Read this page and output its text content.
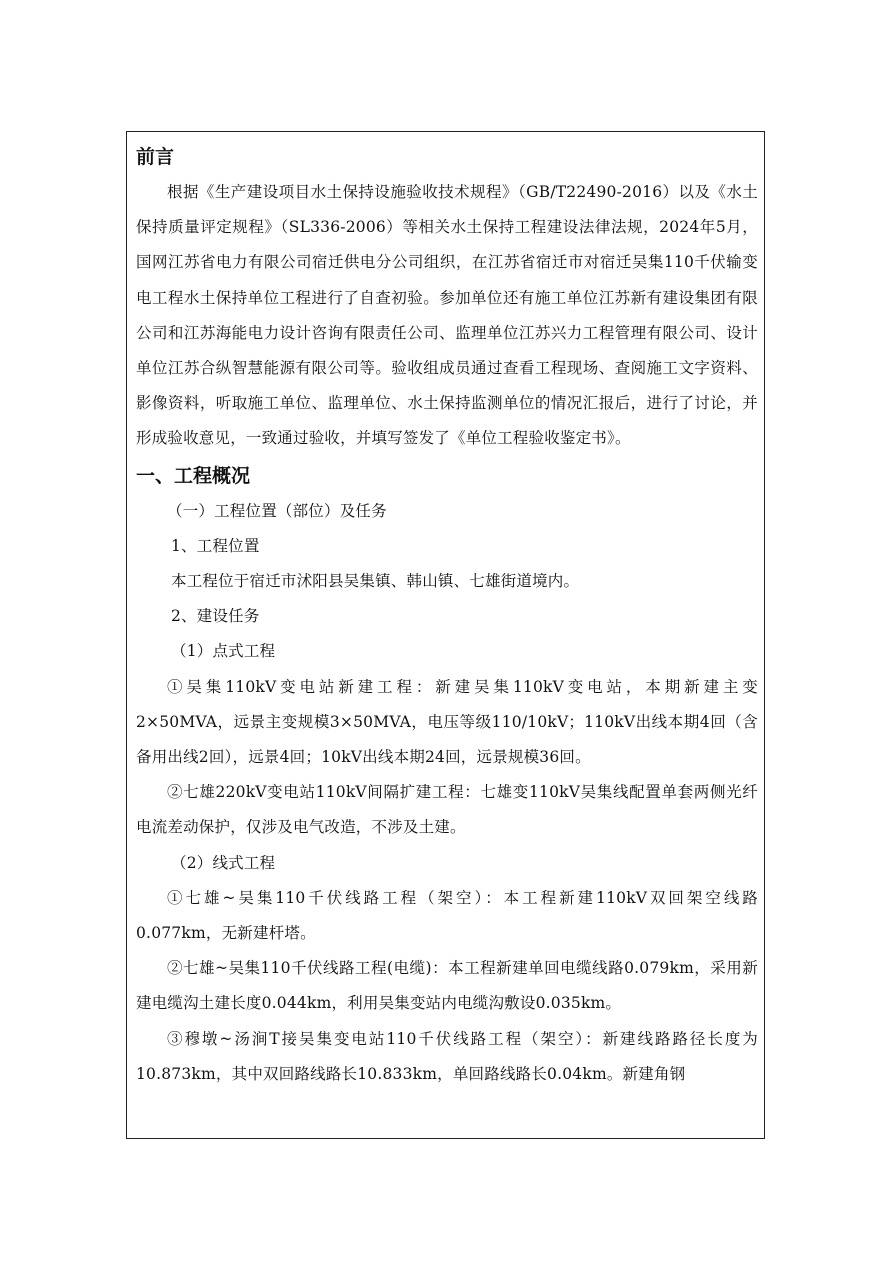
前言
根据《生产建设项目水土保持设施验收技术规程》（GB/T22490-2016）以及《水土保持质量评定规程》（SL336-2006）等相关水土保持工程建设法律法规，2024年5月，国网江苏省电力有限公司宿迁供电分公司组织，在江苏省宿迁市对宿迁吴集110千伏输变电工程水土保持单位工程进行了自查初验。参加单位还有施工单位江苏新有建设集团有限公司和江苏海能电力设计咨询有限责任公司、监理单位江苏兴力工程管理有限公司、设计单位江苏合纵智慧能源有限公司等。验收组成员通过查看工程现场、查阅施工文字资料、影像资料，听取施工单位、监理单位、水土保持监测单位的情况汇报后，进行了讨论，并形成验收意见，一致通过验收，并填写签发了《单位工程验收鉴定书》。
一、工程概况
（一）工程位置（部位）及任务
1、工程位置
本工程位于宿迁市沭阳县吴集镇、韩山镇、七雄街道境内。
2、建设任务
（1）点式工程
①吴集110kV变电站新建工程：新建吴集110kV变电站，本期新建主变2×50MVA，远景主变规模3×50MVA，电压等级110/10kV；110kV出线本期4回（含备用出线2回），远景4回；10kV出线本期24回，远景规模36回。
②七雄220kV变电站110kV间隔扩建工程：七雄变110kV吴集线配置单套两侧光纤电流差动保护，仅涉及电气改造，不涉及土建。
（2）线式工程
①七雄~吴集110千伏线路工程（架空）：本工程新建110kV双回架空线路0.077km，无新建杆塔。
②七雄~吴集110千伏线路工程(电缆)：本工程新建单回电缆线路0.079km，采用新建电缆沟土建长度0.044km，利用吴集变站内电缆沟敷设0.035km。
③穆墩~汤涧T接吴集变电站110千伏线路工程（架空）：新建线路路径长度为10.873km，其中双回路线路长10.833km，单回路线路长0.04km。新建角钢
